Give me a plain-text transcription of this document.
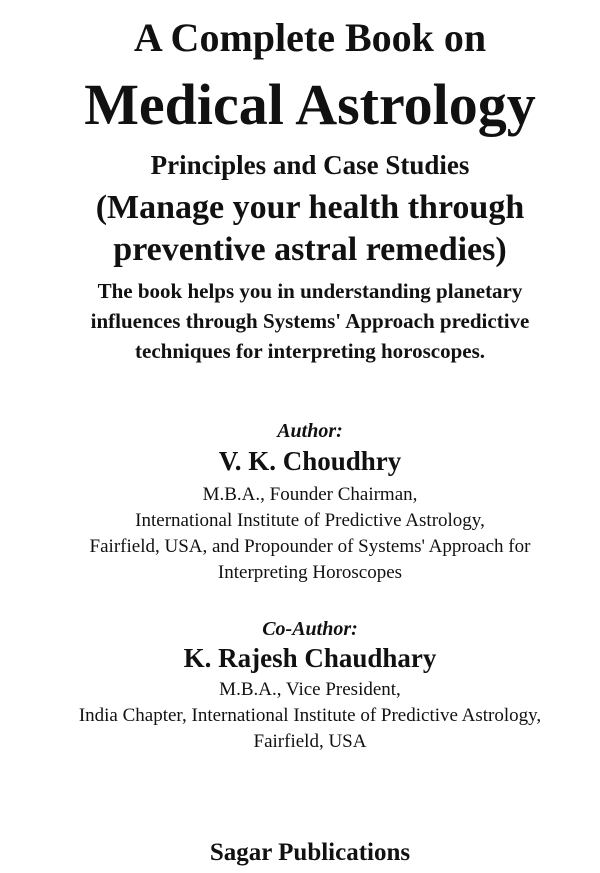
A Complete Book on
Medical Astrology
Principles and Case Studies
(Manage your health through
preventive astral remedies)
The book helps you in understanding planetary
influences through Systems' Approach predictive
techniques for interpreting horoscopes.
Author:
V. K. Choudhry
M.B.A., Founder Chairman,
International Institute of Predictive Astrology,
Fairfield, USA, and Propounder of Systems' Approach for
Interpreting Horoscopes
Co-Author:
K. Rajesh Chaudhary
M.B.A., Vice President,
India Chapter, International Institute of Predictive Astrology,
Fairfield, USA
Sagar Publications
